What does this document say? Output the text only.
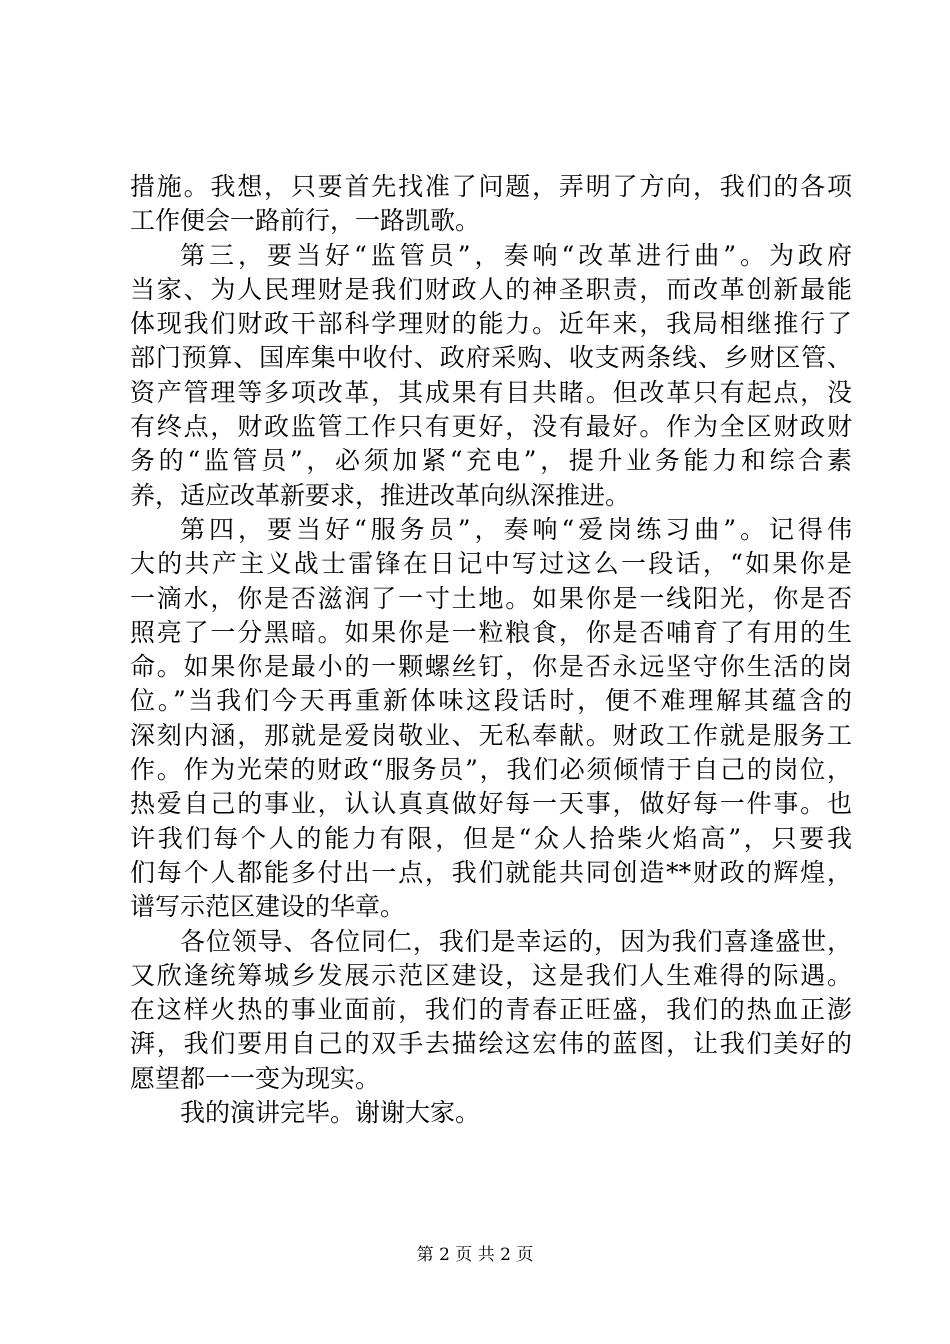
措施。我想，只要首先找准了问题，弄明了方向，我们的各项
工作便会一路前行，一路凯歌。
第三，要当好“监管员”，奏响“改革进行曲”。为政府
当家、为人民理财是我们财政人的神圣职责，而改革创新最能
体现我们财政干部科学理财的能力。近年来，我局相继推行了
部门预算、国库集中收付、政府采购、收支两条线、乡财区管、
资产管理等多项改革，其成果有目共睹。但改革只有起点，没
有终点，财政监管工作只有更好，没有最好。作为全区财政财
务的“监管员”，必须加紧“充电”，提升业务能力和综合素
养，适应改革新要求，推进改革向纵深推进。
第四，要当好“服务员”，奏响“爱岗练习曲”。记得伟
大的共产主义战士雷锋在日记中写过这么一段话，“如果你是
一滴水，你是否滋润了一寸土地。如果你是一线阳光，你是否
照亮了一分黑暗。如果你是一粒粮食，你是否哺育了有用的生
命。如果你是最小的一颗螺丝钉，你是否永远坚守你生活的岗
位。”当我们今天再重新体味这段话时，便不难理解其蕴含的
深刻内涵，那就是爱岗敬业、无私奉献。财政工作就是服务工
作。作为光荣的财政“服务员”，我们必须倾情于自己的岗位，
热爱自己的事业，认认真真做好每一天事，做好每一件事。也
许我们每个人的能力有限，但是“众人拾柴火焰高”，只要我
们每个人都能多付出一点，我们就能共同创造**财政的辉煌，
谱写示范区建设的华章。
各位领导、各位同仁，我们是幸运的，因为我们喜逢盛世，
又欣逢统筹城乡发展示范区建设，这是我们人生难得的际遇。
在这样火热的事业面前，我们的青春正旺盛，我们的热血正澎
湃，我们要用自己的双手去描绘这宏伟的蓝图，让我们美好的
愿望都一一变为现实。
我的演讲完毕。谢谢大家。
第 2 页 共 2 页
